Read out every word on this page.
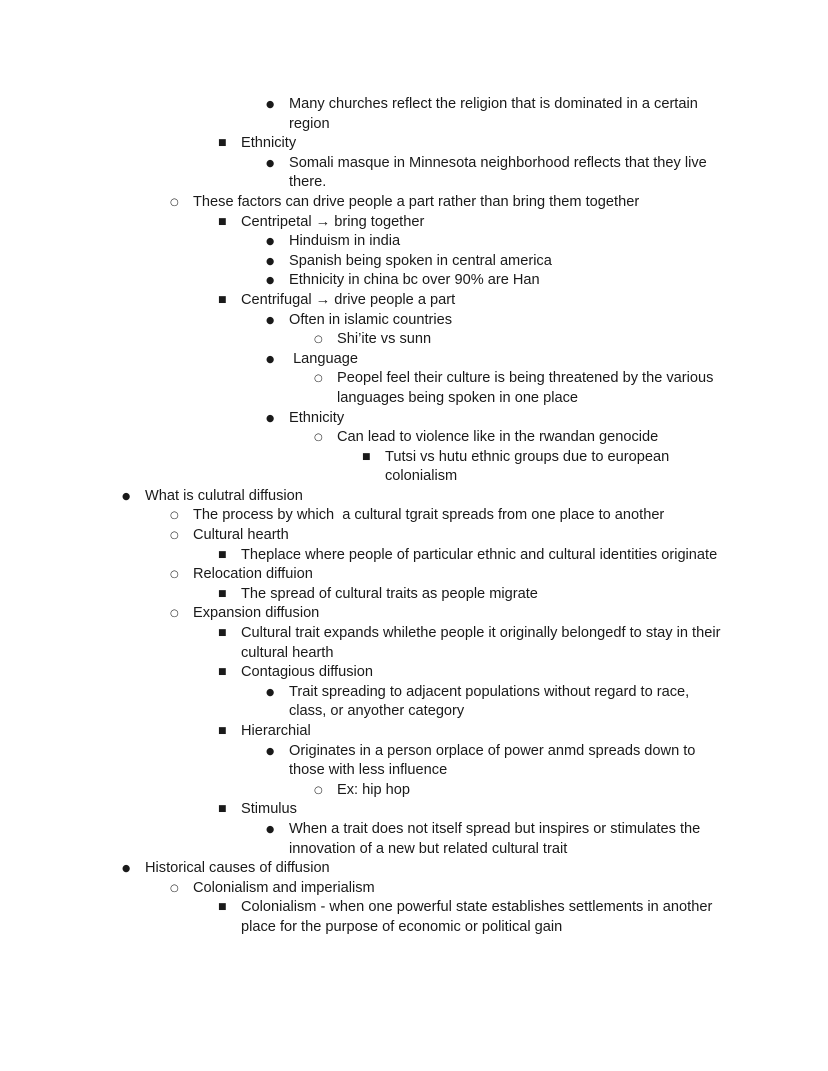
●	Many churches reflect the religion that is dominated in a certain region
■ Ethnicity
●	Somali masque in Minnesota neighborhood reflects that they live there.
○ These factors can drive people a part rather than bring them together
■ Centripetal → bring together
●	Hinduism in india
●	Spanish being spoken in central america
●	Ethnicity in china bc over 90% are Han
■ Centrifugal → drive people a part
●	Often in islamic countries
○ Shi’ite vs sunn
●	Language
○ Peopel feel their culture is being threatened by the various languages being spoken in one place
●	Ethnicity
○ Can lead to violence like in the rwandan genocide
■ Tutsi vs hutu ethnic groups due to european colonialism
●	What is culutral diffusion
○ The process by which  a cultural tgrait spreads from one place to another
○ Cultural hearth
■ Theplace where people of particular ethnic and cultural identities originate
○ Relocation diffuion
■ The spread of cultural traits as people migrate
○ Expansion diffusion
■ Cultural trait expands whilethe people it originally belongedf to stay in their cultural hearth
■ Contagious diffusion
●	Trait spreading to adjacent populations without regard to race, class, or anyother category
■ Hierarchial
●	Originates in a person orplace of power anmd spreads down to those with less influence
○ Ex: hip hop
■ Stimulus
●	When a trait does not itself spread but inspires or stimulates the innovation of a new but related cultural trait
●	Historical causes of diffusion
○ Colonialism and imperialism
■ Colonialism - when one powerful state establishes settlements in another place for the purpose of economic or political gain
